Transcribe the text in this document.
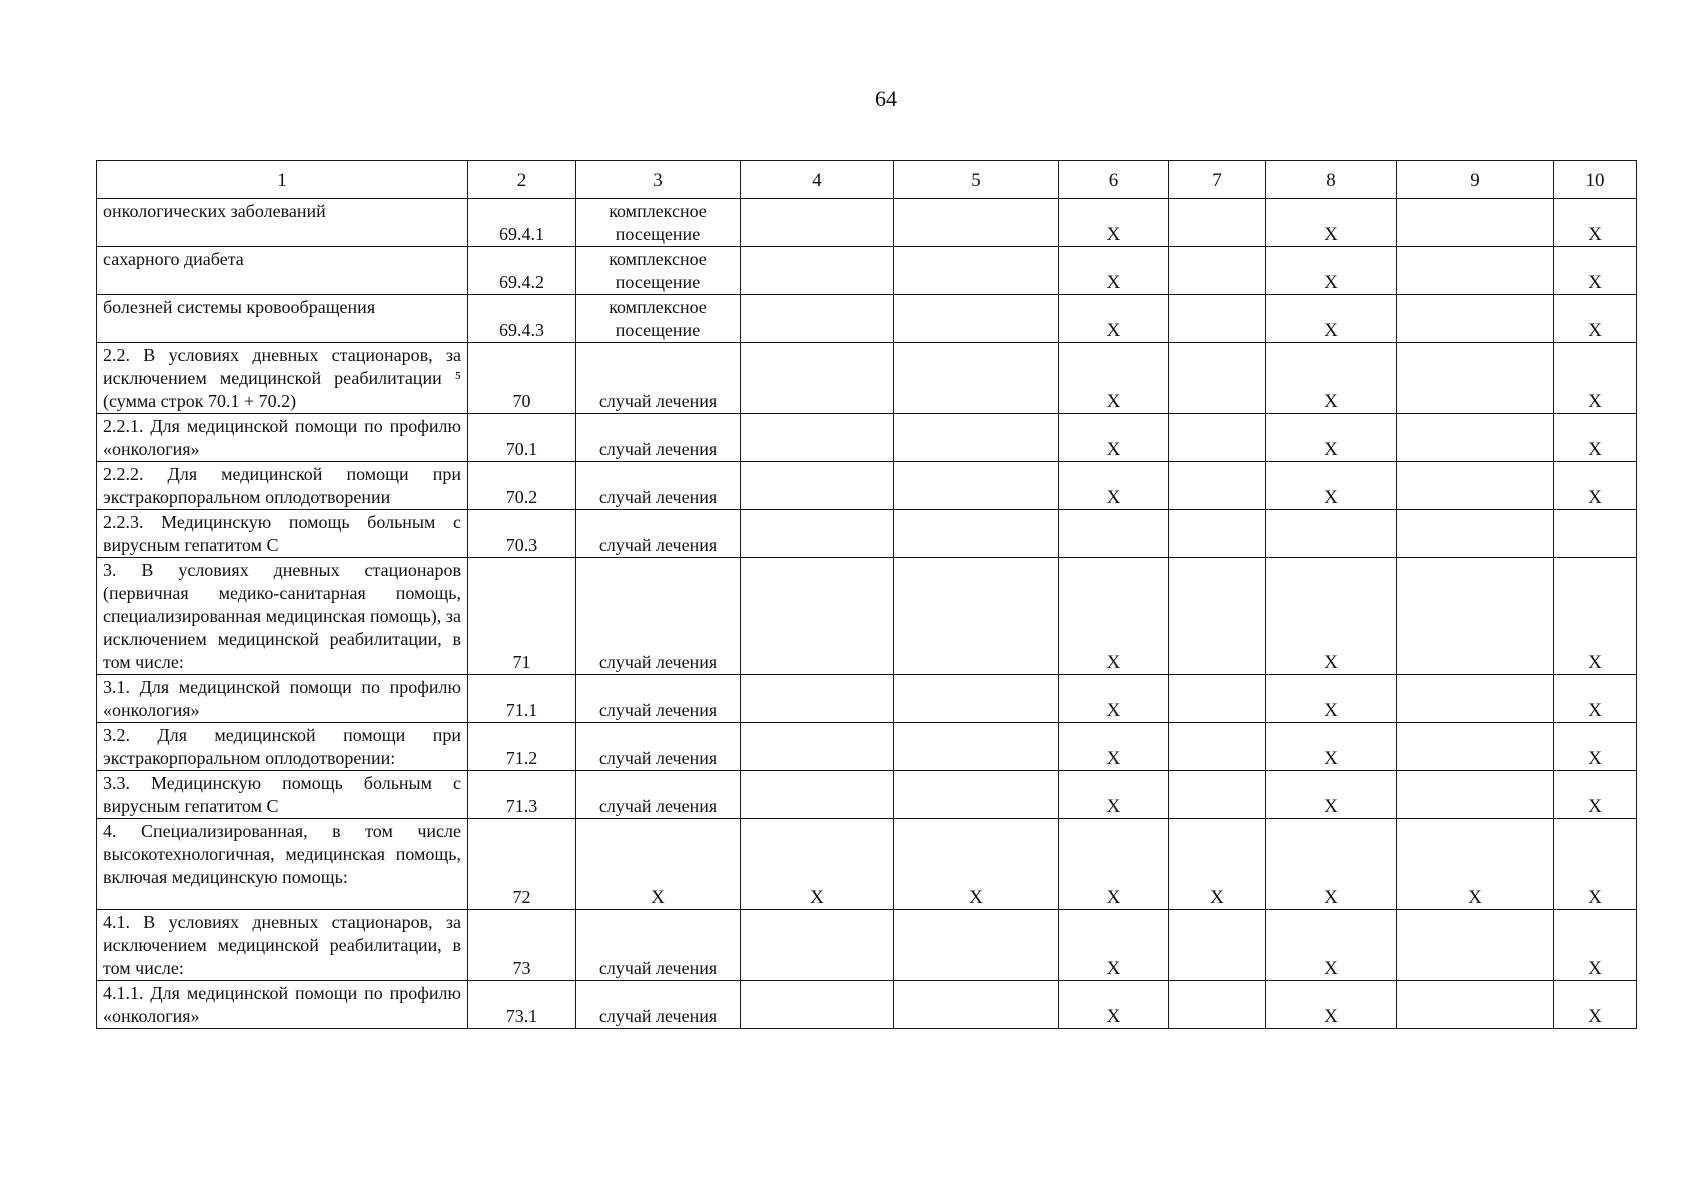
64
1	2	3	4	5	6	7	8	9	10
онкологических заболеваний	69.4.1	комплексное посещение			X		X		X
сахарного диабета	69.4.2	комплексное посещение			X		X		X
болезней системы кровообращения	69.4.3	комплексное посещение			X		X		X
2.2. В условиях дневных стационаров, за исключением медицинской реабилитации ⁵ (сумма строк 70.1 + 70.2)	70	случай лечения			X		X		X
2.2.1. Для медицинской помощи по профилю «онкология»	70.1	случай лечения			X		X		X
2.2.2. Для медицинской помощи при экстракорпоральном оплодотворении	70.2	случай лечения			X		X		X
2.2.3. Медицинскую помощь больным с вирусным гепатитом С	70.3	случай лечения							
3. В условиях дневных стационаров (первичная медико-санитарная помощь, специализированная медицинская помощь), за исключением медицинской реабилитации, в том числе:	71	случай лечения			X		X		X
3.1. Для медицинской помощи по профилю «онкология»	71.1	случай лечения			X		X		X
3.2. Для медицинской помощи при экстракорпоральном оплодотворении:	71.2	случай лечения			X		X		X
3.3. Медицинскую помощь больным с вирусным гепатитом С	71.3	случай лечения			X		X		X
4. Специализированная, в том числе высокотехнологичная, медицинская помощь, включая медицинскую помощь:	72	X	X	X	X	X	X	X	X
4.1. В условиях дневных стационаров, за исключением медицинской реабилитации, в том числе:	73	случай лечения			X		X		X
4.1.1. Для медицинской помощи по профилю «онкология»	73.1	случай лечения			X		X		X
